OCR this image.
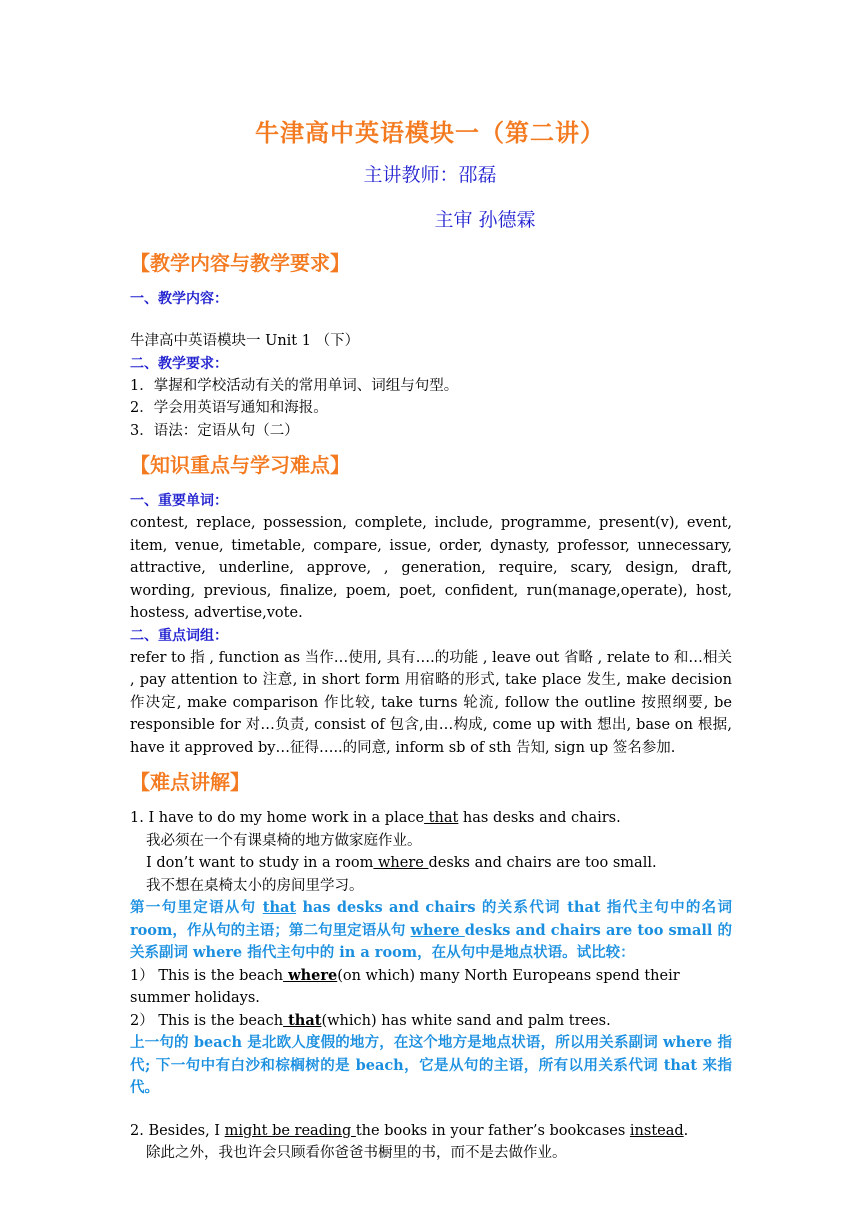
牛津高中英语模块一（第二讲）
主讲教师：邵磊
主审 孙德霖
【教学内容与教学要求】
一、教学内容：
牛津高中英语模块一 Unit 1 （下）
二、教学要求：
1．掌握和学校活动有关的常用单词、词组与句型。
2．学会用英语写通知和海报。
3．语法：定语从句（二）
【知识重点与学习难点】
一、重要单词：
contest, replace, possession, complete, include, programme, present(v), event, item, venue, timetable, compare, issue, order, dynasty, professor, unnecessary, attractive, underline, approve, , generation, require, scary, design, draft, wording, previous, finalize, poem, poet, confident, run(manage,operate), host, hostess, advertise,vote.
二、重点词组：
refer to 指 , function as 当作…使用, 具有….的功能 , leave out 省略 , relate to 和…相关 , pay attention to 注意, in short form 用宿略的形式, take place 发生, make decision 作决定, make comparison 作比较, take turns 轮流, follow the outline 按照纲要, be responsible for 对…负责, consist of 包含,由…构成, come up with 想出, base on 根据, have it approved by…征得…..的同意, inform sb of sth 告知, sign up 签名参加.
【难点讲解】
1. I have to do my home work in a place that has desks and chairs.
我必须在一个有课桌椅的地方做家庭作业。
I don’t want to study in a room where desks and chairs are too small.
我不想在桌椅太小的房间里学习。
第一句里定语从句 that has desks and chairs 的关系代词 that 指代主句中的名词 room，作从句的主语；第二句里定语从句 where desks and chairs are too small 的关系副词 where 指代主句中的 in a room，在从句中是地点状语。试比较：
1） This is the beach where(on which) many North Europeans spend their summer holidays.
2） This is the beach that(which) has white sand and palm trees.
上一句的 beach 是北欧人度假的地方，在这个地方是地点状语，所以用关系副词 where 指代; 下一句中有白沙和棕榈树的是 beach，它是从句的主语，所有以用关系代词 that 来指代。
2. Besides, I might be reading the books in your father’s bookcases instead.
除此之外，我也许会只顾看你爸爸书橱里的书，而不是去做作业。
